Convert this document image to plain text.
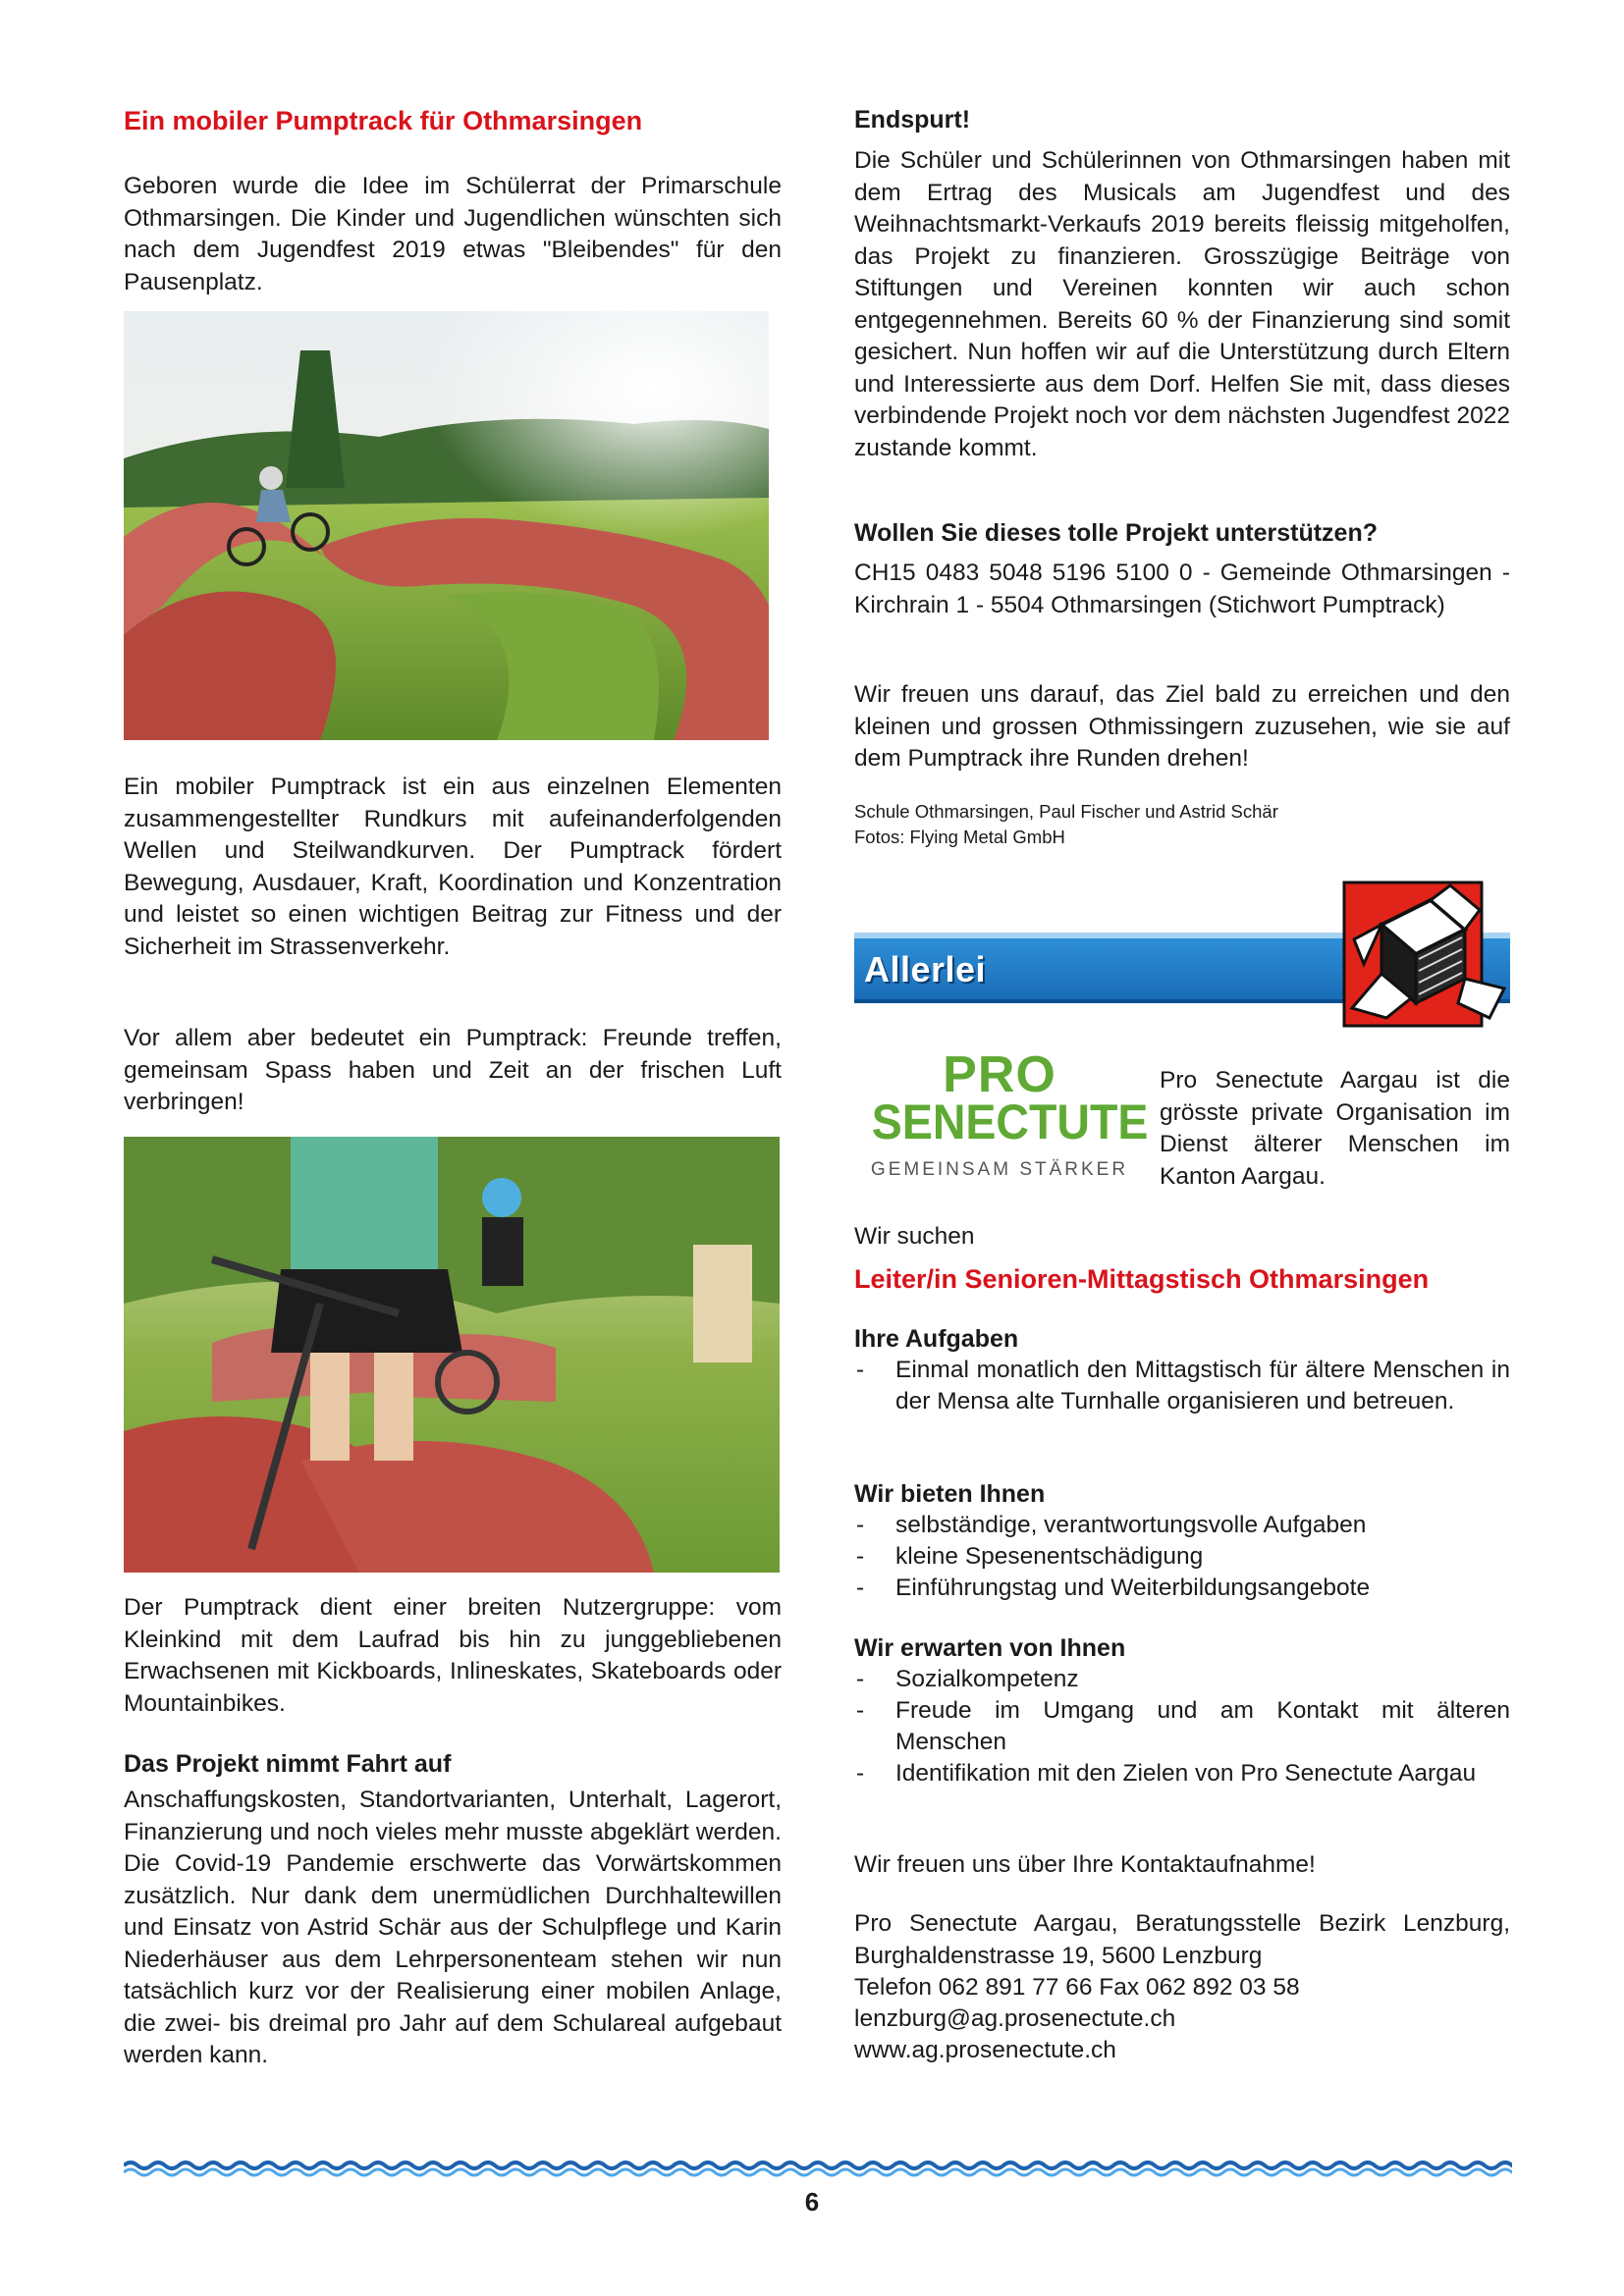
Ein mobiler Pumptrack für Othmarsingen

Geboren wurde die Idee im Schülerrat der Primarschule Othmarsingen. Die Kinder und Jugendlichen wünschten sich nach dem Jugendfest 2019 etwas "Bleibendes" für den Pausenplatz.

Ein mobiler Pumptrack ist ein aus einzelnen Elementen zusammengestellter Rundkurs mit aufeinanderfolgenden Wellen und Steilwandkurven. Der Pumptrack fördert Bewegung, Ausdauer, Kraft, Koordination und Konzentration und leistet so einen wichtigen Beitrag zur Fitness und der Sicherheit im Strassenverkehr.

Vor allem aber bedeutet ein Pumptrack: Freunde treffen, gemeinsam Spass haben und Zeit an der frischen Luft verbringen!

Der Pumptrack dient einer breiten Nutzergruppe: vom Kleinkind mit dem Laufrad bis hin zu junggebliebenen Erwachsenen mit Kickboards, Inlineskates, Skateboards oder Mountainbikes.

Das Projekt nimmt Fahrt auf

Anschaffungskosten, Standortvarianten, Unterhalt, Lagerort, Finanzierung und noch vieles mehr musste abgeklärt werden. Die Covid-19 Pandemie erschwerte das Vorwärtskommen zusätzlich. Nur dank dem unermüdlichen Durchhaltewillen und Einsatz von Astrid Schär aus der Schulpflege und Karin Niederhäuser aus dem Lehrpersonenteam stehen wir nun tatsächlich kurz vor der Realisierung einer mobilen Anlage, die zwei- bis dreimal pro Jahr auf dem Schulareal aufgebaut werden kann.

Endspurt!

Die Schüler und Schülerinnen von Othmarsingen haben mit dem Ertrag des Musicals am Jugendfest und des Weihnachtsmarkt-Verkaufs 2019 bereits fleissig mitgeholfen, das Projekt zu finanzieren. Grosszügige Beiträge von Stiftungen und Vereinen konnten wir auch schon entgegennehmen. Bereits 60 % der Finanzierung sind somit gesichert. Nun hoffen wir auf die Unterstützung durch Eltern und Interessierte aus dem Dorf. Helfen Sie mit, dass dieses verbindende Projekt noch vor dem nächsten Jugendfest 2022 zustande kommt.

Wollen Sie dieses tolle Projekt unterstützen?

CH15 0483 5048 5196 5100 0 - Gemeinde Othmarsingen - Kirchrain 1 - 5504 Othmarsingen (Stichwort Pumptrack)

Wir freuen uns darauf, das Ziel bald zu erreichen und den kleinen und grossen Othmissingern zuzusehen, wie sie auf dem Pumptrack ihre Runden drehen!

Schule Othmarsingen, Paul Fischer und Astrid Schär
Fotos: Flying Metal GmbH
Allerlei
PRO
SENECTUTE
GEMEINSAM STÄRKER

Pro Senectute Aargau ist die grösste private Organisation im Dienst älterer Menschen im Kanton Aargau.

Wir suchen
Leiter/in Senioren-Mittagstisch Othmarsingen
Ihre Aufgaben
- Einmal monatlich den Mittagstisch für ältere Menschen in der Mensa alte Turnhalle organisieren und betreuen.
Wir bieten Ihnen
- selbständige, verantwortungsvolle Aufgaben
- kleine Spesenentschädigung
- Einführungstag und Weiterbildungsangebote
Wir erwarten von Ihnen
- Sozialkompetenz
- Freude im Umgang und am Kontakt mit älteren Menschen
- Identifikation mit den Zielen von Pro Senectute Aargau
Wir freuen uns über Ihre Kontaktaufnahme!

Pro Senectute Aargau, Beratungsstelle Bezirk Lenzburg, Burghaldenstrasse 19, 5600 Lenzburg

Telefon 062 891 77 66 Fax 062 892 03 58
lenzburg@ag.prosenectute.ch
www.ag.prosenectute.ch
6
